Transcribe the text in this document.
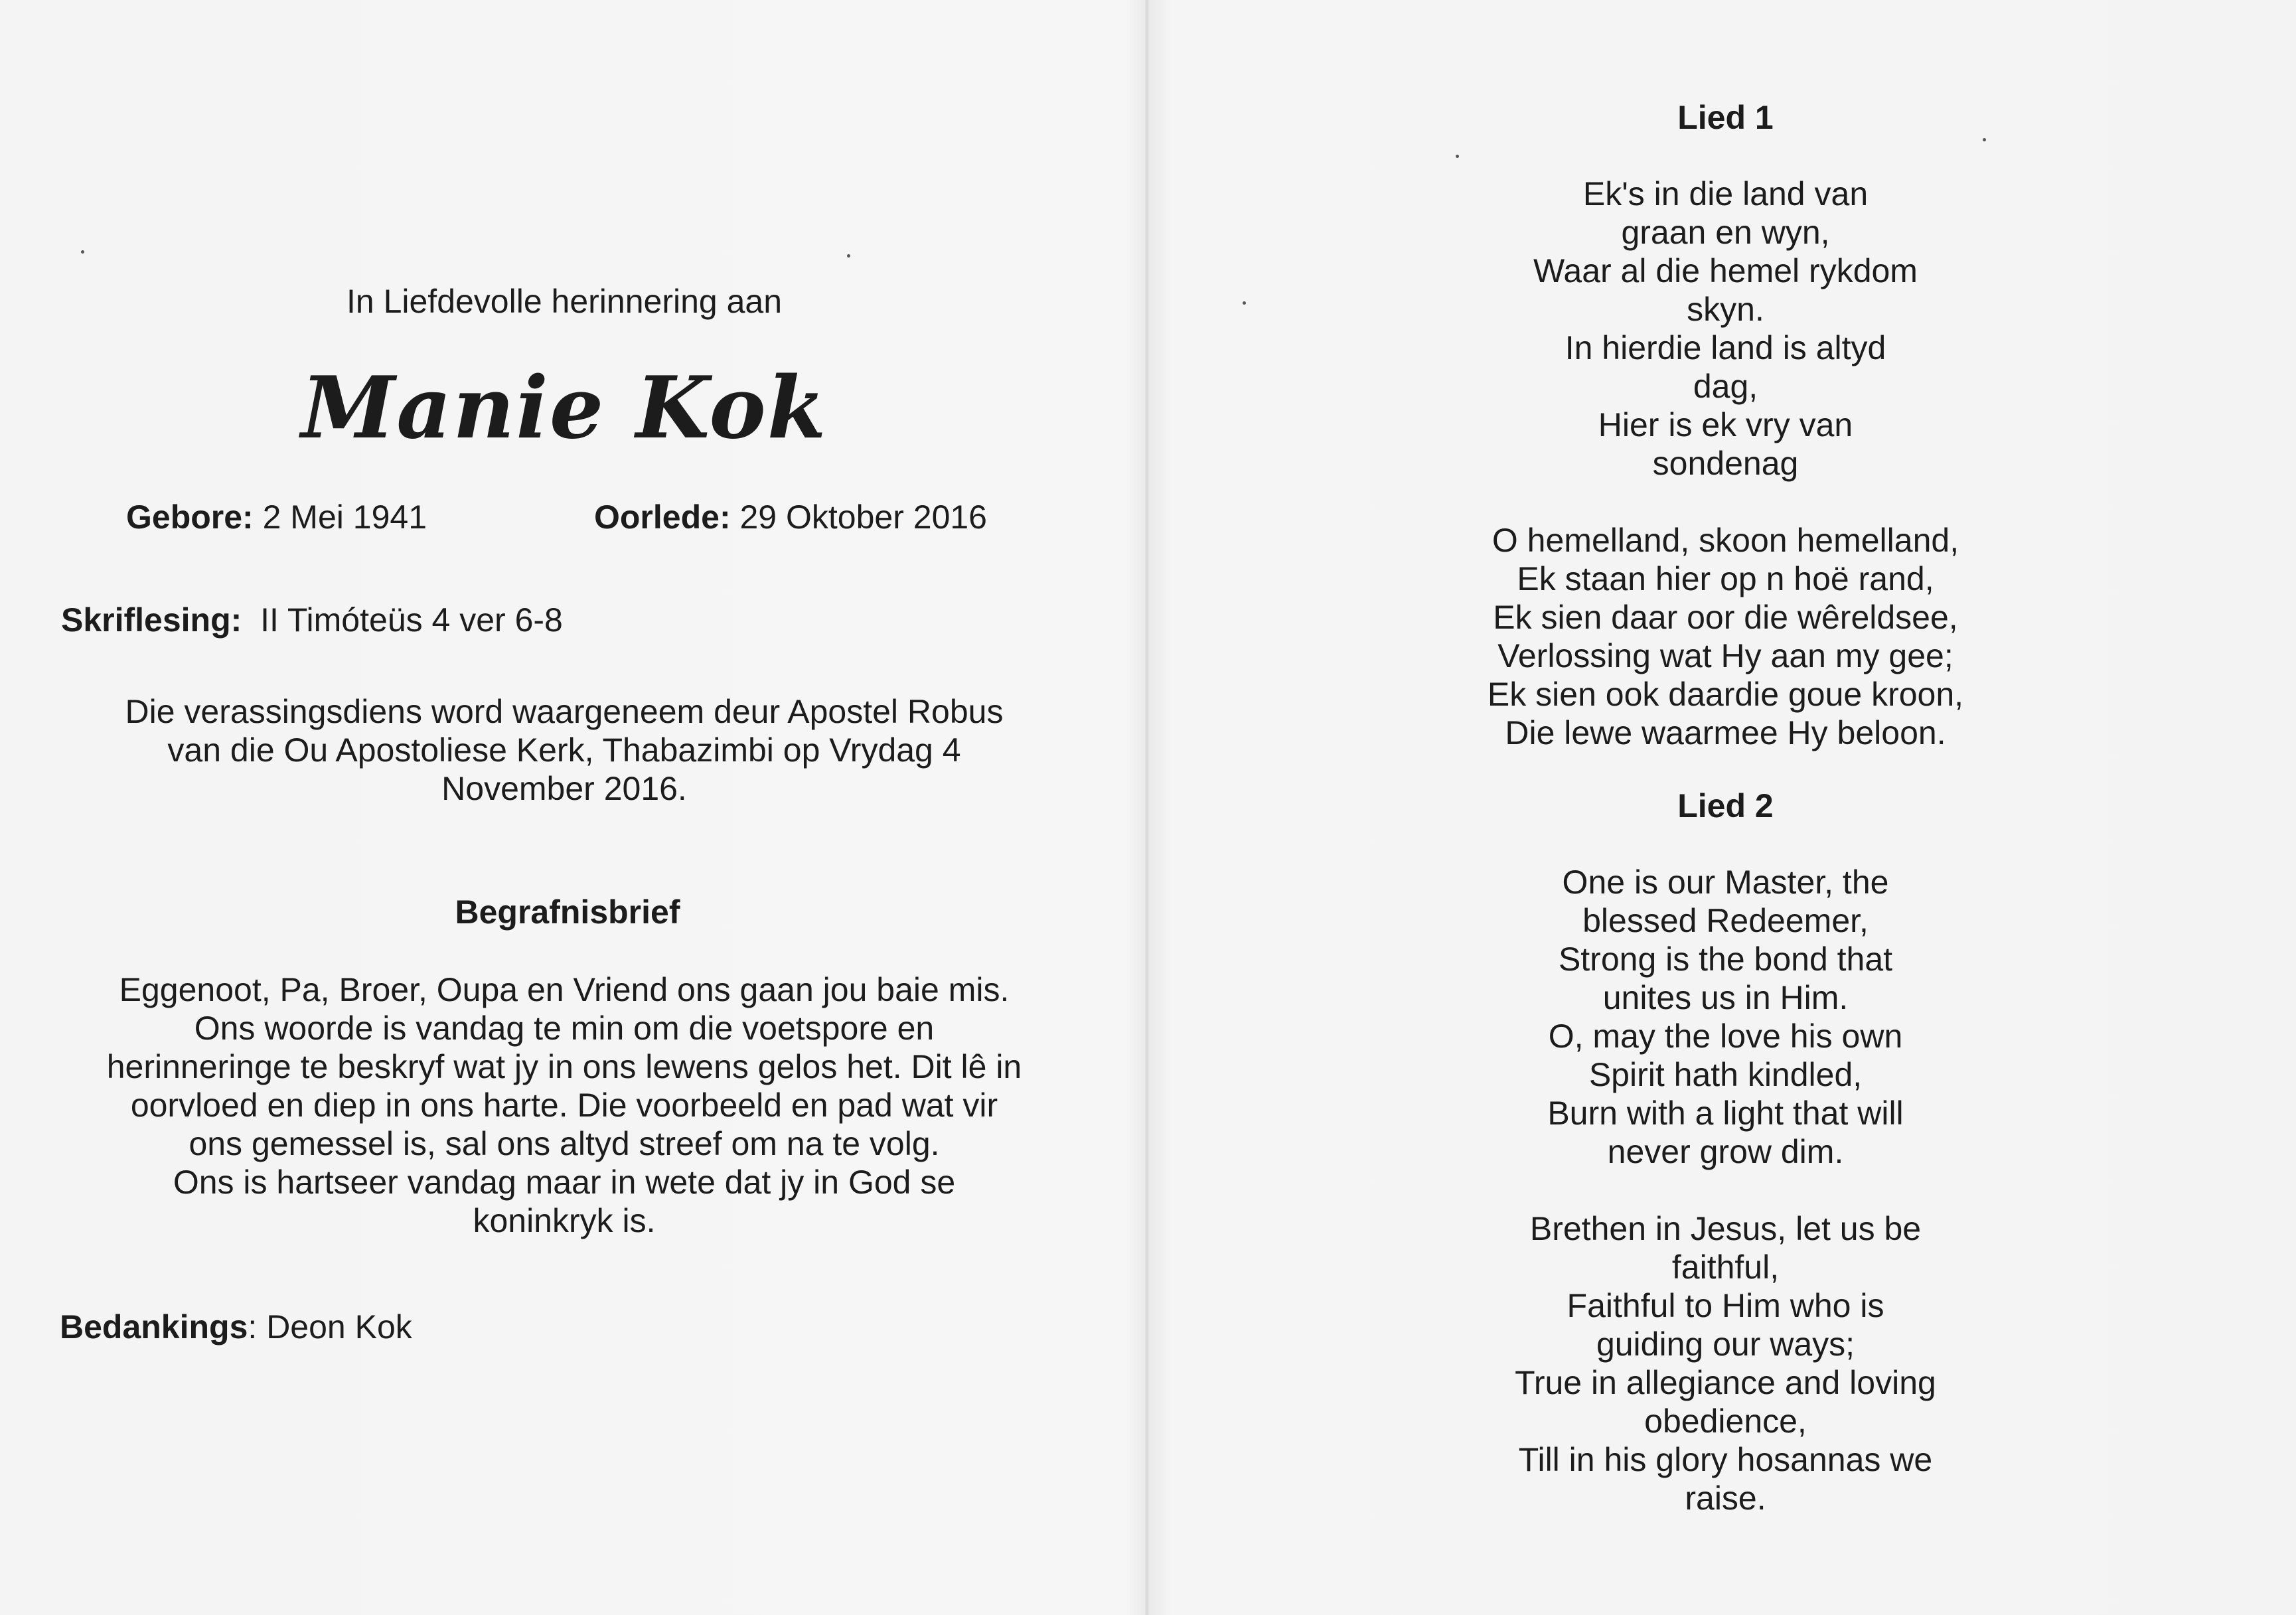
In Liefdevolle herinnering aan
Manie Kok
Gebore: 2 Mei 1941	Oorlede: 29 Oktober 2016
Skriflesing: II Timóteüs 4 ver 6-8
Die verassingsdiens word waargeneem deur Apostel Robus
van die Ou Apostoliese Kerk, Thabazimbi op Vrydag 4
November 2016.
Begrafnisbrief
Eggenoot, Pa, Broer, Oupa en Vriend ons gaan jou baie mis.
Ons woorde is vandag te min om die voetspore en
herinneringe te beskryf wat jy in ons lewens gelos het. Dit lê in
oorvloed en diep in ons harte. Die voorbeeld en pad wat vir
ons gemessel is, sal ons altyd streef om na te volg.
Ons is hartseer vandag maar in wete dat jy in God se
koninkryk is.
Bedankings: Deon Kok
Lied 1
Ek's in die land van
graan en wyn,
Waar al die hemel rykdom
skyn.
In hierdie land is altyd
dag,
Hier is ek vry van
sondenag
O hemelland, skoon hemelland,
Ek staan hier op n hoë rand,
Ek sien daar oor die wêreldsee,
Verlossing wat Hy aan my gee;
Ek sien ook daardie goue kroon,
Die lewe waarmee Hy beloon.
Lied 2
One is our Master, the
blessed Redeemer,
Strong is the bond that
unites us in Him.
O, may the love his own
Spirit hath kindled,
Burn with a light that will
never grow dim.
Brethen in Jesus, let us be
faithful,
Faithful to Him who is
guiding our ways;
True in allegiance and loving
obedience,
Till in his glory hosannas we
raise.
